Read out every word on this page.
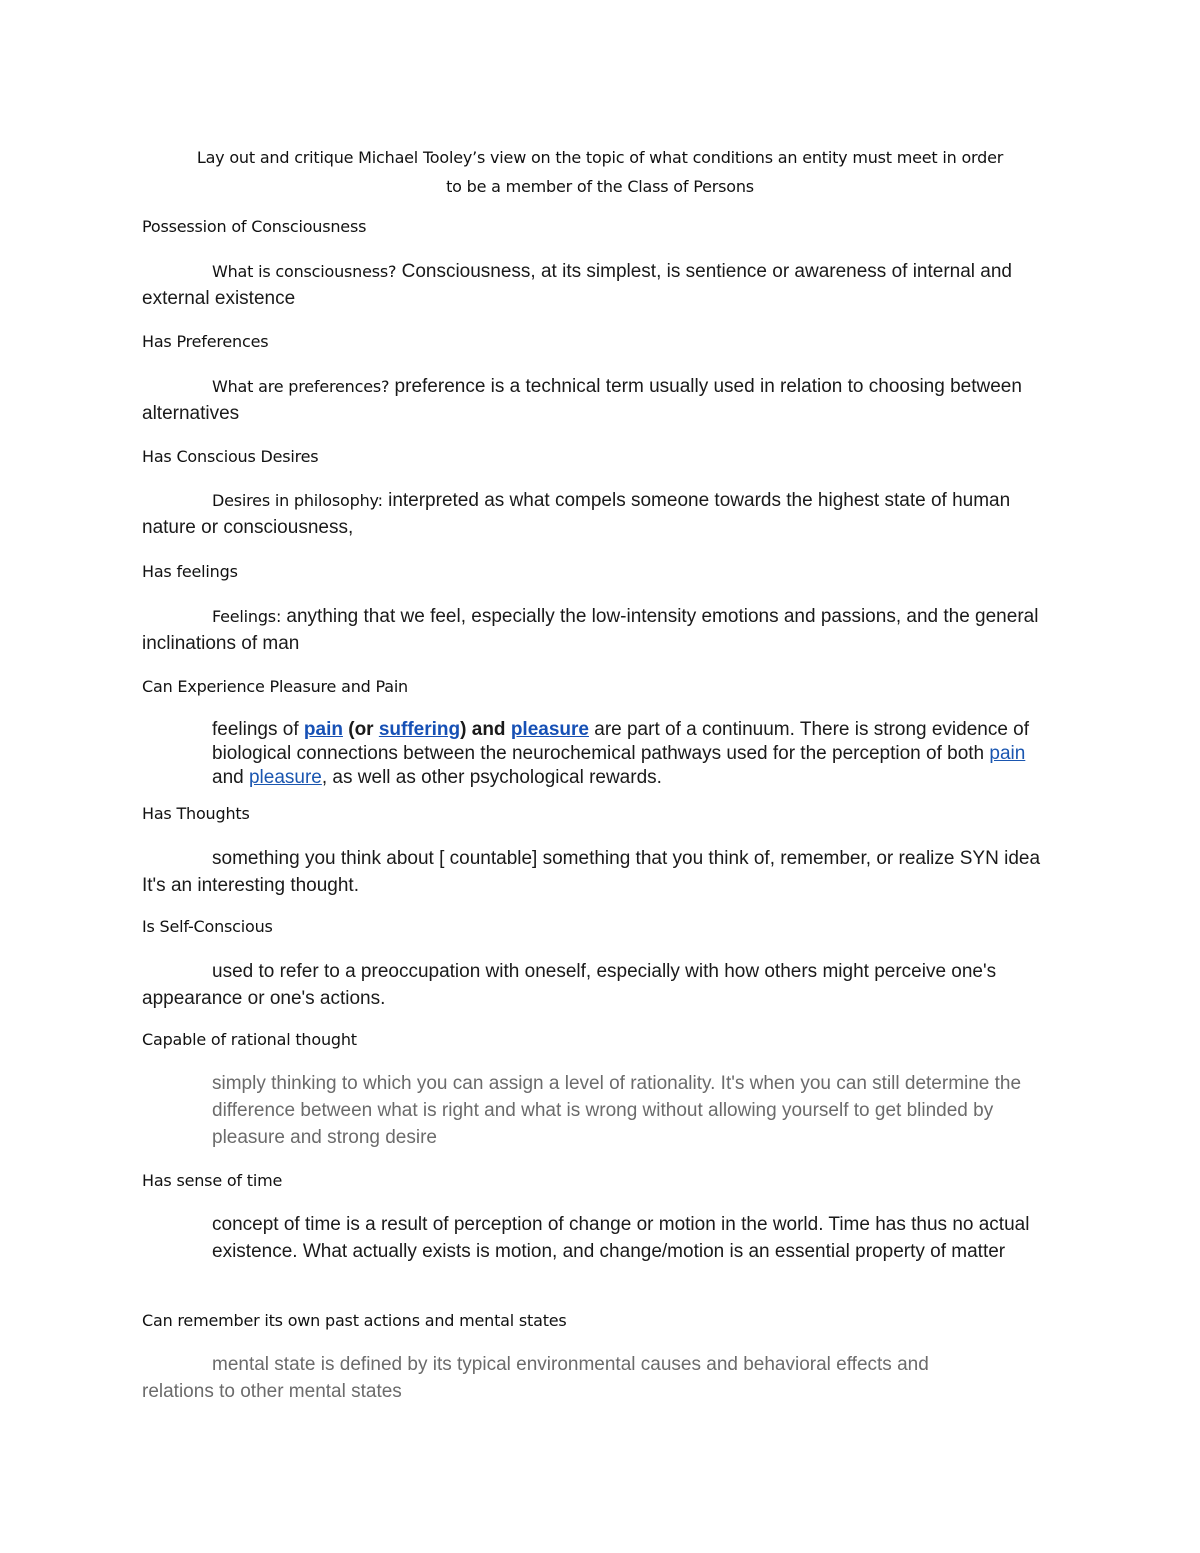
Lay out and critique Michael Tooley’s view on the topic of what conditions an entity must meet in order
to be a member of the Class of Persons
Possession of Consciousness
What is consciousness? Consciousness, at its simplest, is sentience or awareness of internal and external existence
Has Preferences
What are preferences? preference is a technical term usually used in relation to choosing between alternatives
Has Conscious Desires
Desires in philosophy: interpreted as what compels someone towards the highest state of human nature or consciousness,
Has feelings
Feelings: anything that we feel, especially the low-intensity emotions and passions, and the general inclinations of man
Can Experience Pleasure and Pain
feelings of pain (or suffering) and pleasure are part of a continuum. There is strong evidence of biological connections between the neurochemical pathways used for the perception of both pain and pleasure, as well as other psychological rewards.
Has Thoughts
something you think about [ countable] something that you think of, remember, or realize SYN idea It's an interesting thought.
Is Self-Conscious
used to refer to a preoccupation with oneself, especially with how others might perceive one's appearance or one's actions.
Capable of rational thought
simply thinking to which you can assign a level of rationality. It's when you can still determine the difference between what is right and what is wrong without allowing yourself to get blinded by pleasure and strong desire
Has sense of time
concept of time is a result of perception of change or motion in the world. Time has thus no actual existence. What actually exists is motion, and change/motion is an essential property of matter
Can remember its own past actions and mental states
mental state is defined by its typical environmental causes and behavioral effects and relations to other mental states
